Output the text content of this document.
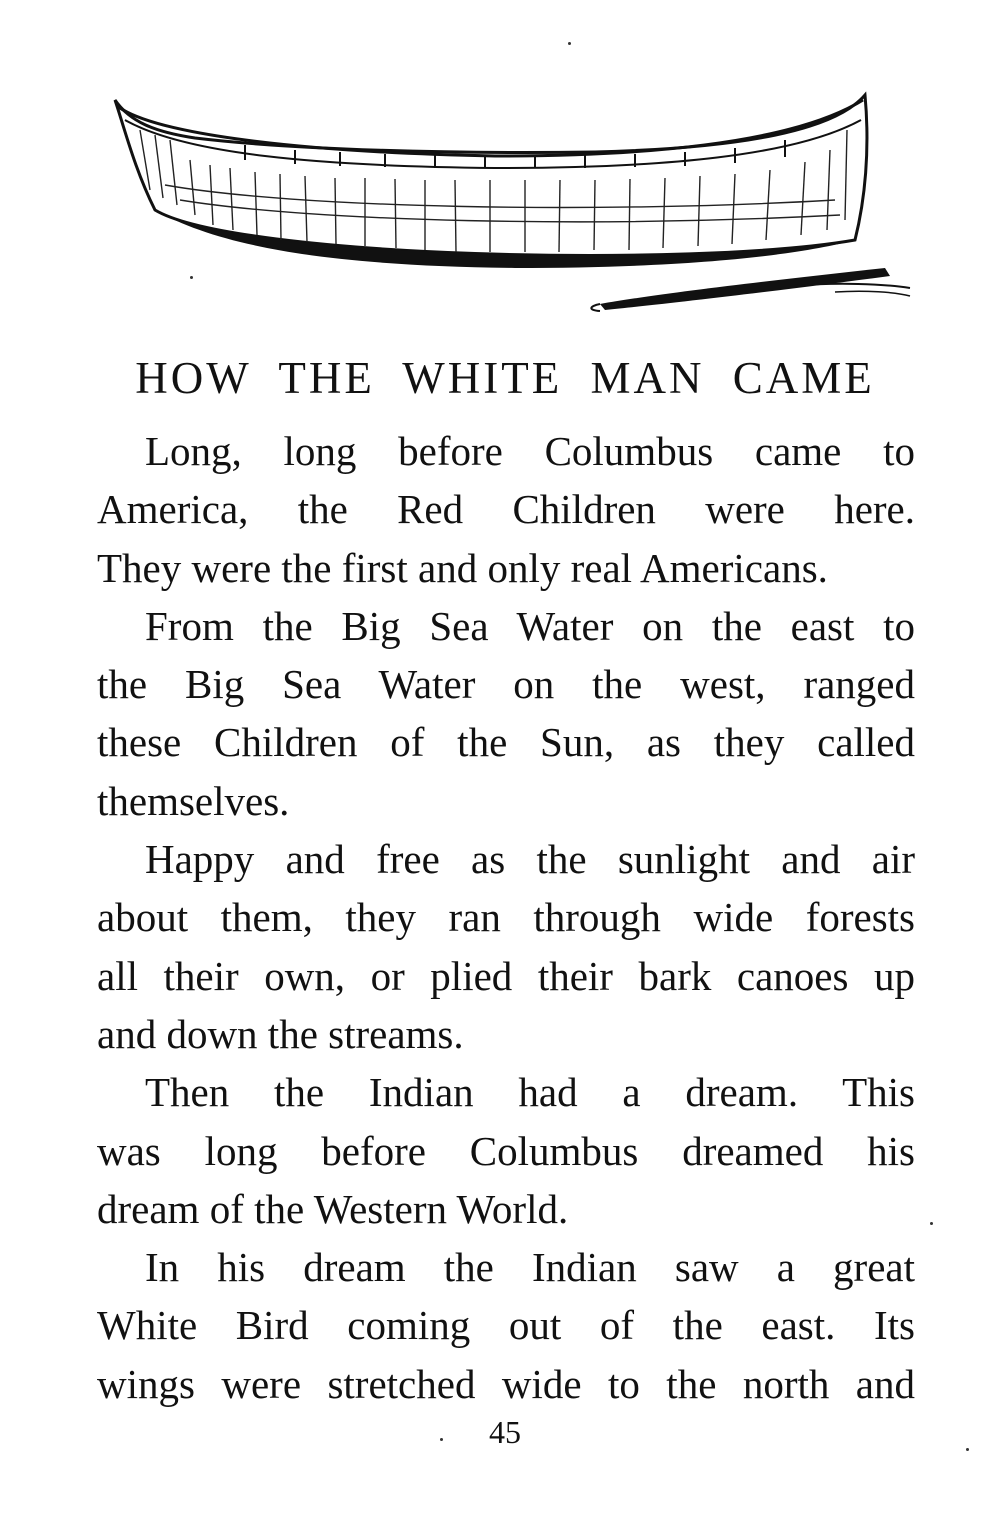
HOW THE WHITE MAN CAME
Long, long before Columbus came to
America, the Red Children were here.
They were the first and only real Americans.
From the Big Sea Water on the east to
the Big Sea Water on the west, ranged
these Children of the Sun, as they called
themselves.
Happy and free as the sunlight and air
about them, they ran through wide forests
all their own, or plied their bark canoes up
and down the streams.
Then the Indian had a dream. This
was long before Columbus dreamed his
dream of the Western World.
In his dream the Indian saw a great
White Bird coming out of the east. Its
wings were stretched wide to the north and
45
